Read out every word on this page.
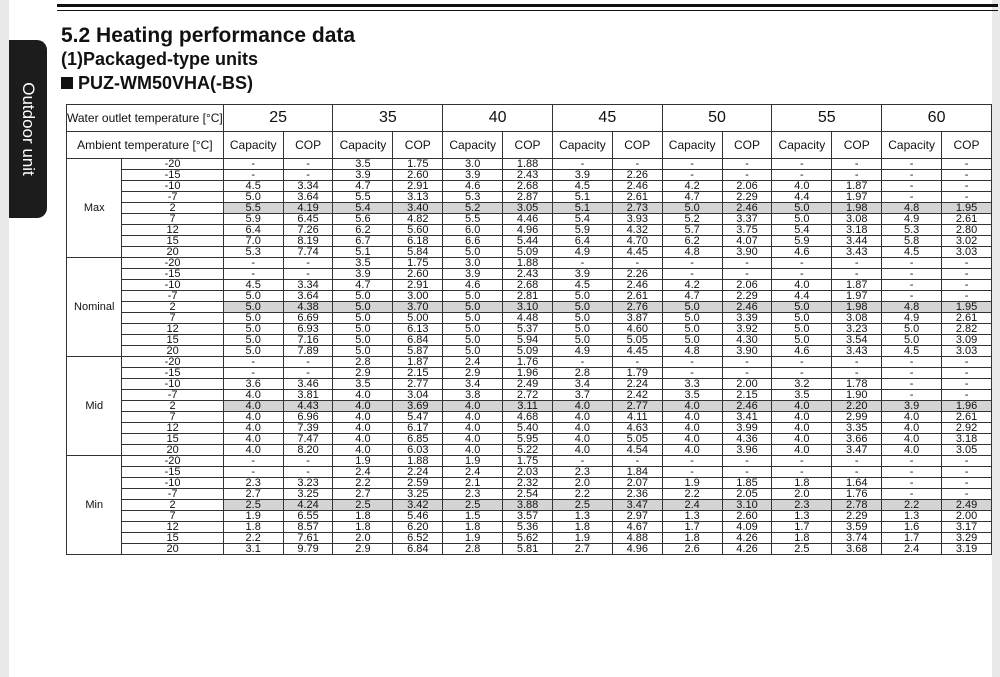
Outdoor unit
5.2 Heating performance data
(1)Packaged-type units
PUZ-WM50VHA(-BS)
Water outlet temperature [°C]		25		35		40		45		50		55		60	
Ambient temperature [°C]		Capacity	COP	Capacity	COP	Capacity	COP	Capacity	COP	Capacity	COP	Capacity	COP	Capacity	COP
Max	-20	-	-	3.5	1.75	3.0	1.88	-	-	-	-	-	-	-	-
	-15	-	-	3.9	2.60	3.9	2.43	3.9	2.26	-	-	-	-	-	-
	-10	4.5	3.34	4.7	2.91	4.6	2.68	4.5	2.46	4.2	2.06	4.0	1.87	-	-
	-7	5.0	3.64	5.5	3.13	5.3	2.87	5.1	2.61	4.7	2.29	4.4	1.97	-	-
	2	5.5	4.19	5.4	3.40	5.2	3.05	5.1	2.73	5.0	2.46	5.0	1.98	4.8	1.95
	7	5.9	6.45	5.6	4.82	5.5	4.46	5.4	3.93	5.2	3.37	5.0	3.08	4.9	2.61
	12	6.4	7.26	6.2	5.60	6.0	4.96	5.9	4.32	5.7	3.75	5.4	3.18	5.3	2.80
	15	7.0	8.19	6.7	6.18	6.6	5.44	6.4	4.70	6.2	4.07	5.9	3.44	5.8	3.02
	20	5.3	7.74	5.1	5.84	5.0	5.09	4.9	4.45	4.8	3.90	4.6	3.43	4.5	3.03
Nominal	-20	-	-	3.5	1.75	3.0	1.88	-	-	-	-	-	-	-	-
	-15	-	-	3.9	2.60	3.9	2.43	3.9	2.26	-	-	-	-	-	-
	-10	4.5	3.34	4.7	2.91	4.6	2.68	4.5	2.46	4.2	2.06	4.0	1.87	-	-
	-7	5.0	3.64	5.0	3.00	5.0	2.81	5.0	2.61	4.7	2.29	4.4	1.97	-	-
	2	5.0	4.38	5.0	3.70	5.0	3.10	5.0	2.76	5.0	2.46	5.0	1.98	4.8	1.95
	7	5.0	6.69	5.0	5.00	5.0	4.48	5.0	3.87	5.0	3.39	5.0	3.08	4.9	2.61
	12	5.0	6.93	5.0	6.13	5.0	5.37	5.0	4.60	5.0	3.92	5.0	3.23	5.0	2.82
	15	5.0	7.16	5.0	6.84	5.0	5.94	5.0	5.05	5.0	4.30	5.0	3.54	5.0	3.09
	20	5.0	7.89	5.0	5.87	5.0	5.09	4.9	4.45	4.8	3.90	4.6	3.43	4.5	3.03
Mid	-20	-	-	2.8	1.87	2.4	1.76	-	-	-	-	-	-	-	-
	-15	-	-	2.9	2.15	2.9	1.96	2.8	1.79	-	-	-	-	-	-
	-10	3.6	3.46	3.5	2.77	3.4	2.49	3.4	2.24	3.3	2.00	3.2	1.78	-	-
	-7	4.0	3.81	4.0	3.04	3.8	2.72	3.7	2.42	3.5	2.15	3.5	1.90	-	-
	2	4.0	4.43	4.0	3.69	4.0	3.11	4.0	2.77	4.0	2.46	4.0	2.20	3.9	1.96
	7	4.0	6.96	4.0	5.47	4.0	4.68	4.0	4.11	4.0	3.41	4.0	2.99	4.0	2.61
	12	4.0	7.39	4.0	6.17	4.0	5.40	4.0	4.63	4.0	3.99	4.0	3.35	4.0	2.92
	15	4.0	7.47	4.0	6.85	4.0	5.95	4.0	5.05	4.0	4.36	4.0	3.66	4.0	3.18
	20	4.0	8.20	4.0	6.03	4.0	5.22	4.0	4.54	4.0	3.96	4.0	3.47	4.0	3.05
Min	-20	-	-	1.9	1.88	1.9	1.75	-	-	-	-	-	-	-	-
	-15	-	-	2.4	2.24	2.4	2.03	2.3	1.84	-	-	-	-	-	-
	-10	2.3	3.23	2.2	2.59	2.1	2.32	2.0	2.07	1.9	1.85	1.8	1.64	-	-
	-7	2.7	3.25	2.7	3.25	2.3	2.54	2.2	2.36	2.2	2.05	2.0	1.76	-	-
	2	2.5	4.24	2.5	3.42	2.5	3.88	2.5	3.47	2.4	3.10	2.3	2.78	2.2	2.49
	7	1.9	6.55	1.8	5.46	1.5	3.57	1.3	2.97	1.3	2.60	1.3	2.29	1.3	2.00
	12	1.8	8.57	1.8	6.20	1.8	5.36	1.8	4.67	1.7	4.09	1.7	3.59	1.6	3.17
	15	2.2	7.61	2.0	6.52	1.9	5.62	1.9	4.88	1.8	4.26	1.8	3.74	1.7	3.29
	20	3.1	9.79	2.9	6.84	2.8	5.81	2.7	4.96	2.6	4.26	2.5	3.68	2.4	3.19
